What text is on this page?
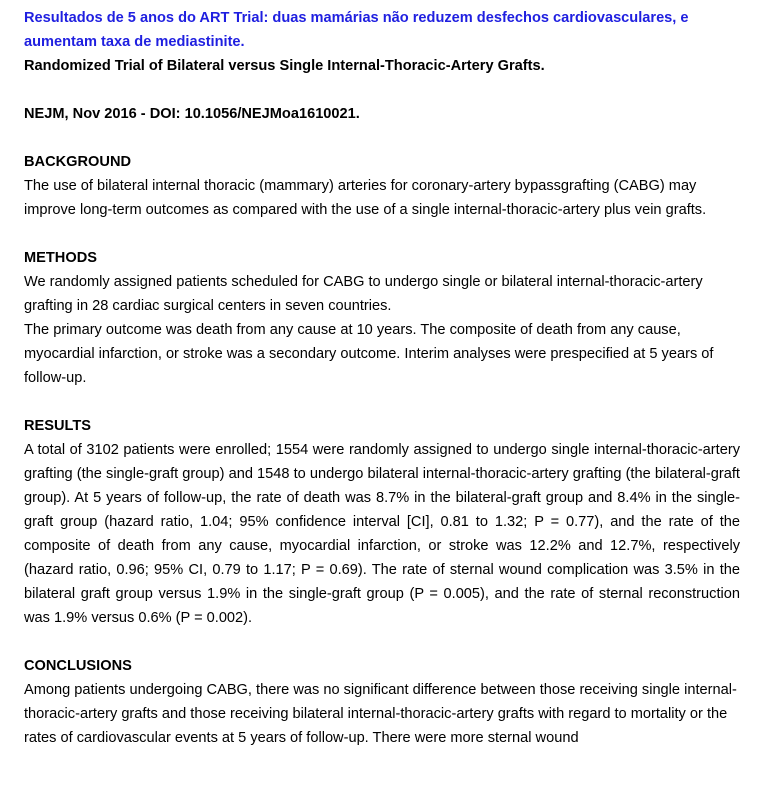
Resultados de 5 anos do ART Trial: duas mamárias não reduzem desfechos cardiovasculares, e aumentam taxa de mediastinite.

Randomized Trial of Bilateral versus Single Internal-Thoracic-Artery Grafts.

NEJM, Nov 2016 - DOI: 10.1056/NEJMoa1610021.

BACKGROUND

The use of bilateral internal thoracic (mammary) arteries for coronary-artery bypassgrafting (CABG) may improve long-term outcomes as compared with the use of a single internal-thoracic-artery plus vein grafts.

METHODS

We randomly assigned patients scheduled for CABG to undergo single or bilateral internal-thoracic-artery grafting in 28 cardiac surgical centers in seven countries.

The primary outcome was death from any cause at 10 years. The composite of death from any cause, myocardial infarction, or stroke was a secondary outcome. Interim analyses were prespecified at 5 years of follow-up.

RESULTS

A total of 3102 patients were enrolled; 1554 were randomly assigned to undergo single internal-thoracic-artery grafting (the single-graft group) and 1548 to undergo bilateral internal-thoracic-artery grafting (the bilateral-graft group). At 5 years of follow-up, the rate of death was 8.7% in the bilateral-graft group and 8.4% in the single-graft group (hazard ratio, 1.04; 95% confidence interval [CI], 0.81 to 1.32; P = 0.77), and the rate of the composite of death from any cause, myocardial infarction, or stroke was 12.2% and 12.7%, respectively (hazard ratio, 0.96; 95% CI, 0.79 to 1.17; P = 0.69). The rate of sternal wound complication was 3.5% in the bilateral graft group versus 1.9% in the single-graft group (P = 0.005), and the rate of sternal reconstruction was 1.9% versus 0.6% (P = 0.002).

CONCLUSIONS

Among patients undergoing CABG, there was no significant difference between those receiving single internal-thoracic-artery grafts and those receiving bilateral internal-thoracic-artery grafts with regard to mortality or the rates of cardiovascular events at 5 years of follow-up. There were more sternal wound
